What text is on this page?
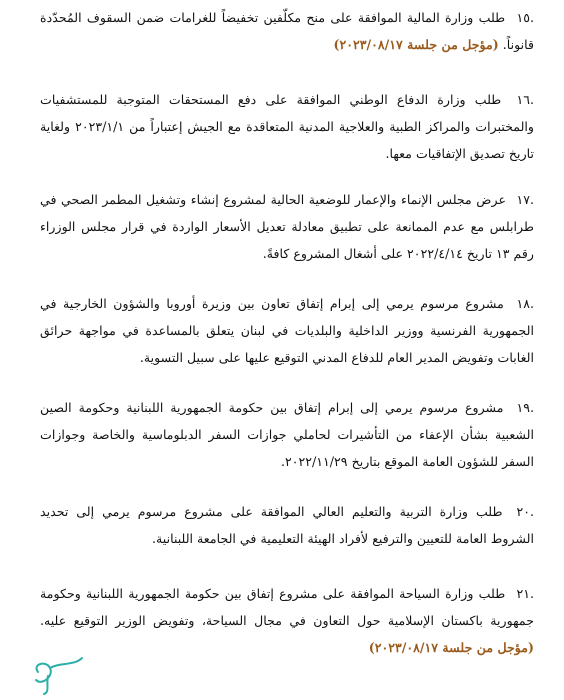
.١٥ طلب وزارة المالية الموافقة على منح مكلّفين تخفيضاً للغرامات ضمن السقوف المُحدّدة قانوناً. (مؤجل من جلسة ٢٠٢٣/٠٨/١٧)
.١٦ طلب وزارة الدفاع الوطني الموافقة على دفع المستحقات المتوجبة للمستشفيات والمختبرات والمراكز الطبية والعلاجية المدنية المتعاقدة مع الجيش إعتباراً من ٢٠٢٣/١/١ ولغاية تاريخ تصديق الإتفاقيات معها.
.١٧ عرض مجلس الإنماء والإعمار للوضعية الحالية لمشروع إنشاء وتشغيل المطمر الصحي في طرابلس مع عدم الممانعة على تطبيق معادلة تعديل الأسعار الواردة في قرار مجلس الوزراء رقم ١٣ تاريخ ٢٠٢٢/٤/١٤ على أشغال المشروع كافةً.
.١٨ مشروع مرسوم يرمي إلى إبرام إتفاق تعاون بين وزيرة أوروبا والشؤون الخارجية في الجمهورية الفرنسية ووزير الداخلية والبلديات في لبنان يتعلق بالمساعدة في مواجهة حرائق الغابات وتفويض المدير العام للدفاع المدني التوقيع عليها على سبيل التسوية.
.١٩ مشروع مرسوم يرمي إلى إبرام إتفاق بين حكومة الجمهورية اللبنانية وحكومة الصين الشعبية بشأن الإعفاء من التأشيرات لحاملي جوازات السفر الدبلوماسية والخاصة وجوازات السفر للشؤون العامة الموقع بتاريخ ٢٠٢٢/١١/٢٩.
.٢٠ طلب وزارة التربية والتعليم العالي الموافقة على مشروع مرسوم يرمي إلى تحديد الشروط العامة للتعيين والترفيع لأفراد الهيئة التعليمية في الجامعة اللبنانية.
.٢١ طلب وزارة السياحة الموافقة على مشروع إتفاق بين حكومة الجمهورية اللبنانية وحكومة جمهورية باكستان الإسلامية حول التعاون في مجال السياحة، وتفويض الوزير التوقيع عليه. (مؤجل من جلسة ٢٠٢٣/٠٨/١٧)
